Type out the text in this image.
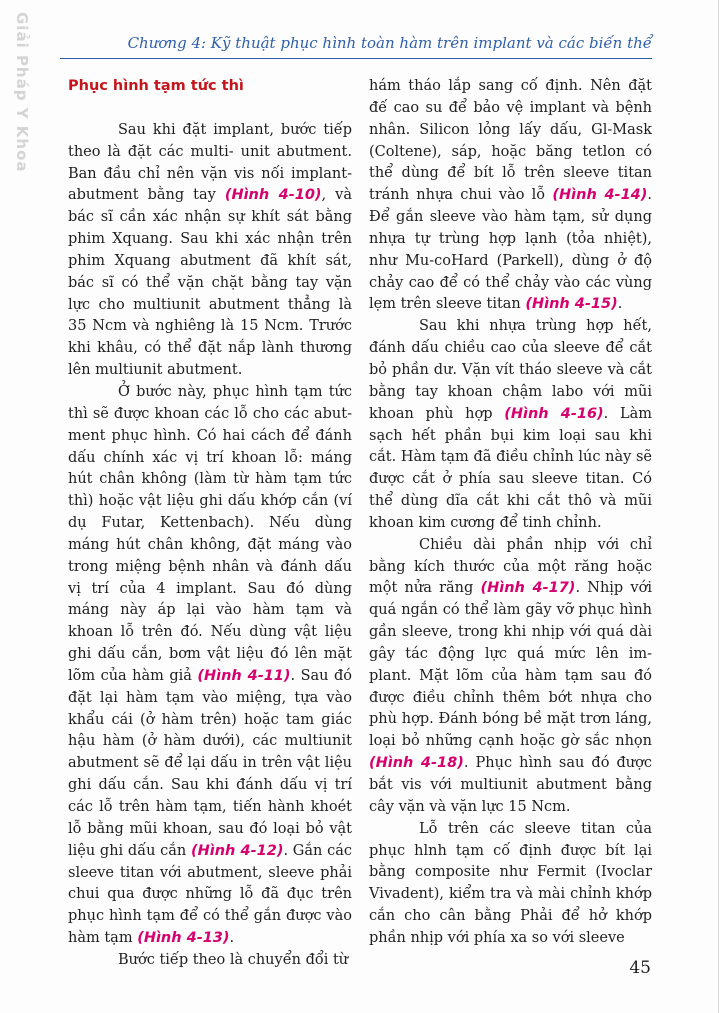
Giải Pháp Y Khoa	Chương 4: Kỹ thuật phục hình toàn hàm trên implant và các biến thể

Phục hình tạm tức thì

Sau khi đặt implant, bước tiếp theo là đặt các multi- unit abutment. Ban đầu chỉ nên vặn vis nối implant-abutment bằng tay (Hình 4-10), và bác sĩ cần xác nhận sự khít sát bằng phim Xquang. Sau khi xác nhận trên phim Xquang abutment đã khít sát, bác sĩ có thể vặn chặt bằng tay vặn lực cho multiunit abutment thẳng là 35 Ncm và nghiêng là 15 Ncm. Trước khi khâu, có thể đặt nắp lành thương lên multiunit abutment.

Ở bước này, phục hình tạm tức thì sẽ được khoan các lỗ cho các abut-ment phục hình. Có hai cách để đánh dấu chính xác vị trí khoan lỗ: máng hút chân không (làm từ hàm tạm tức thì) hoặc vật liệu ghi dấu khớp cắn (ví dụ Futar, Kettenbach). Nếu dùng máng hút chân không, đặt máng vào trong miệng bệnh nhân và đánh dấu vị trí của 4 implant. Sau đó dùng máng này áp lại vào hàm tạm và khoan lỗ trên đó. Nếu dùng vật liệu ghi dấu cắn, bơm vật liệu đó lên mặt lõm của hàm giả (Hình 4-11). Sau đó đặt lại hàm tạm vào miệng, tựa vào khẩu cái (ở hàm trên) hoặc tam giác hậu hàm (ở hàm dưới), các multiunit abutment sẽ để lại dấu in trên vật liệu ghi dấu cắn. Sau khi đánh dấu vị trí các lỗ trên hàm tạm, tiến hành khoét lỗ bằng mũi khoan, sau đó loại bỏ vật liệu ghi dấu cắn (Hình 4-12). Gắn các sleeve titan với abutment, sleeve phải chui qua được những lỗ đã đục trên phục hình tạm để có thể gắn được vào hàm tạm (Hình 4-13).

Bước tiếp theo là chuyển đổi từ

hám tháo lắp sang cố định. Nên đặt đế cao su để bảo vệ implant và bệnh nhân. Silicon lỏng lấy dấu, Gl-Mask (Coltene), sáp, hoặc băng tetlon có thể dùng để bít lỗ trên sleeve titan tránh nhựa chui vào lỗ (Hình 4-14). Để gắn sleeve vào hàm tạm, sử dụng nhựa tự trùng hợp lạnh (tỏa nhiệt), như Mu-coHard (Parkell), dùng ở độ chảy cao để có thể chảy vào các vùng lẹm trên sleeve titan (Hình 4-15).

Sau khi nhựa trùng hợp hết, đánh dấu chiều cao của sleeve để cắt bỏ phần dư. Vặn vít tháo sleeve và cắt bằng tay khoan chậm labo với mũi khoan phù hợp (Hình 4-16). Làm sạch hết phần bụi kim loại sau khi cắt. Hàm tạm đã điều chỉnh lúc này sẽ được cắt ở phía sau sleeve titan. Có thể dùng dĩa cắt khi cắt thô và mũi khoan kim cương để tinh chỉnh.

Chiều dài phần nhịp với chỉ bằng kích thước của một răng hoặc một nửa răng (Hình 4-17). Nhịp với quá ngắn có thể làm gãy vỡ phục hình gần sleeve, trong khi nhịp với quá dài gây tác động lực quá mức lên im-plant. Mặt lõm của hàm tạm sau đó được điều chỉnh thêm bớt nhựa cho phù hợp. Đánh bóng bề mặt trơn láng, loại bỏ những cạnh hoặc gờ sắc nhọn (Hình 4-18). Phục hình sau đó được bắt vis với multiunit abutment bằng cây vặn và vặn lực 15 Ncm.

Lỗ trên các sleeve titan của phục hlnh tạm cố định được bít lại bằng composite như Fermit (Ivoclar Vivadent), kiểm tra và mài chỉnh khớp cắn cho cân bằng Phải để hở khớp phần nhịp với phía xa so với sleeve

45
